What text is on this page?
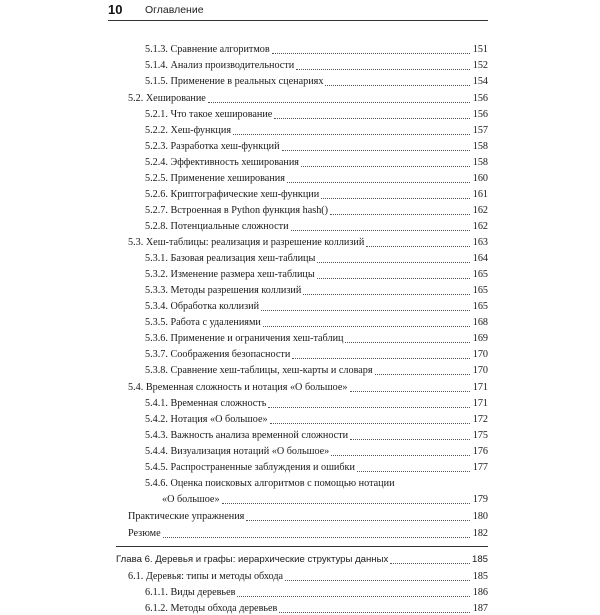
10 Оглавление
5.1.3. Сравнение алгоритмов	151
5.1.4. Анализ производительности	152
5.1.5. Применение в реальных сценариях	154
5.2. Хеширование	156
5.2.1. Что такое хеширование	156
5.2.2. Хеш-функция	157
5.2.3. Разработка хеш-функций	158
5.2.4. Эффективность хеширования	158
5.2.5. Применение хеширования	160
5.2.6. Криптографические хеш-функции	161
5.2.7. Встроенная в Python функция hash()	162
5.2.8. Потенциальные сложности	162
5.3. Хеш-таблицы: реализация и разрешение коллизий	163
5.3.1. Базовая реализация хеш-таблицы	164
5.3.2. Изменение размера хеш-таблицы	165
5.3.3. Методы разрешения коллизий	165
5.3.4. Обработка коллизий	165
5.3.5. Работа с удалениями	168
5.3.6. Применение и ограничения хеш-таблиц	169
5.3.7. Соображения безопасности	170
5.3.8. Сравнение хеш-таблицы, хеш-карты и словаря	170
5.4. Временная сложность и нотация «О большое»	171
5.4.1. Временная сложность	171
5.4.2. Нотация «О большое»	172
5.4.3. Важность анализа временной сложности	175
5.4.4. Визуализация нотаций «О большое»	176
5.4.5. Распространенные заблуждения и ошибки	177
5.4.6. Оценка поисковых алгоритмов с помощью нотации
«О большое»	179
Практические упражнения	180
Резюме	182
Глава 6. Деревья и графы: иерархические структуры данных	185
6.1. Деревья: типы и методы обхода	185
6.1.1. Виды деревьев	186
6.1.2. Методы обхода деревьев	187
